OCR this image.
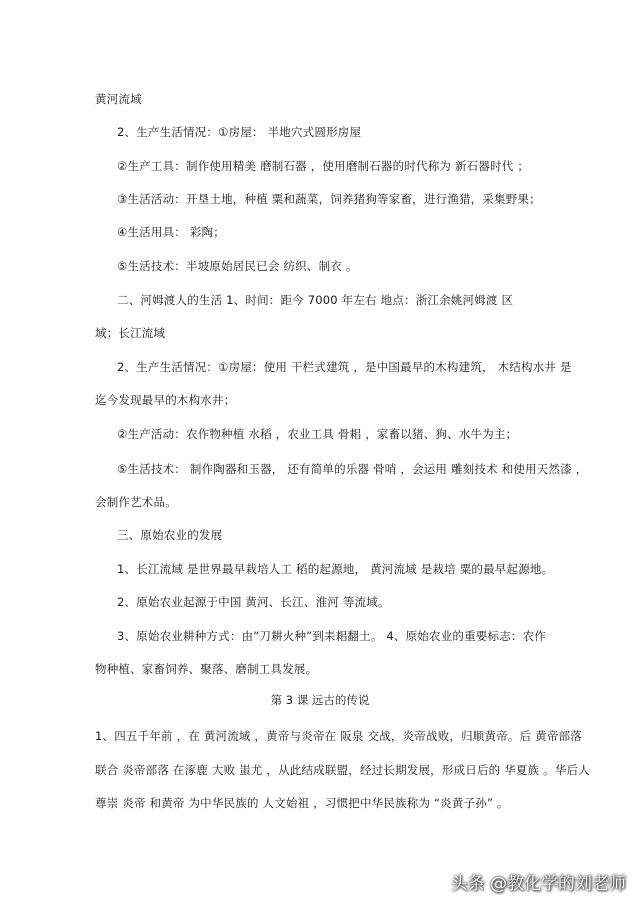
黄河流域
2、生产生活情况：①房屋： 半地穴式圆形房屋
②生产工具：制作使用精美 磨制石器 ，使用磨制石器的时代称为 新石器时代 ；
③生活活动：开垦土地，种植 粟和蔬菜，饲养猪狗等家畜，进行渔猎，采集野果；
④生活用具： 彩陶；
⑤生活技术：半坡原始居民已会 纺织、制衣 。
二、河姆渡人的生活 1、时间：距今 7000 年左右 地点：浙江余姚河姆渡 区
域；长江流域
2、生产生活情况：①房屋：使用 干栏式建筑 ，是中国最早的木构建筑， 木结构水井 是
迄今发现最早的木构水井；
②生产活动：农作物种植 水稻 ，农业工具 骨耜 ，家畜以猪、狗、水牛为主；
⑤生活技术： 制作陶器和玉器， 还有简单的乐器 骨哨 ，会运用 雕刻技术 和使用天然漆 ，
会制作艺术品。
三、原始农业的发展
1、长江流域 是世界最早栽培人工 稻的起源地， 黄河流域 是栽培 粟的最早起源地。
2、原始农业起源于中国 黄河、长江、淮河 等流域。
3、原始农业耕种方式：由“刀耕火种”到耒耜翻土。 4、原始农业的重要标志：农作
物种植、家畜饲养、聚落、磨制工具发展。
第 3 课 远古的传说
1、四五千年前 ，在 黄河流域 ，黄帝与炎帝在 阪泉 交战，炎帝战败，归顺黄帝。后 黄帝部落
联合 炎帝部落 在涿鹿 大败 蚩尤 ，从此结成联盟，经过长期发展，形成日后的 华夏族 。华后人
尊崇 炎帝 和黄帝 为中华民族的 人文始祖 ，习惯把中华民族称为 “炎黄子孙” 。
头条 @教化学的刘老师
